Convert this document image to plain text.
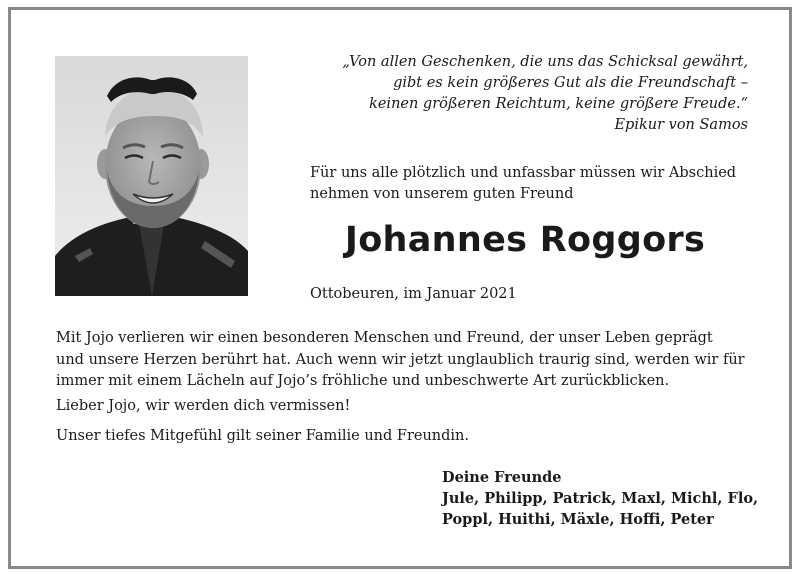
„Von allen Geschenken, die uns das Schicksal gewährt,
gibt es kein größeres Gut als die Freundschaft –
keinen größeren Reichtum, keine größere Freude.“
Epikur von Samos
Für uns alle plötzlich und unfassbar müssen wir Abschied
nehmen von unserem guten Freund
Johannes Roggors
Ottobeuren, im Januar 2021
Mit Jojo verlieren wir einen besonderen Menschen und Freund, der unser Leben geprägt
und unsere Herzen berührt hat. Auch wenn wir jetzt unglaublich traurig sind, werden wir für
immer mit einem Lächeln auf Jojo’s fröhliche und unbeschwerte Art zurückblicken.
Lieber Jojo, wir werden dich vermissen!
Unser tiefes Mitgefühl gilt seiner Familie und Freundin.
Deine Freunde
Jule, Philipp, Patrick, Maxl, Michl, Flo,
Poppl, Huithi, Mäxle, Hoffi, Peter
